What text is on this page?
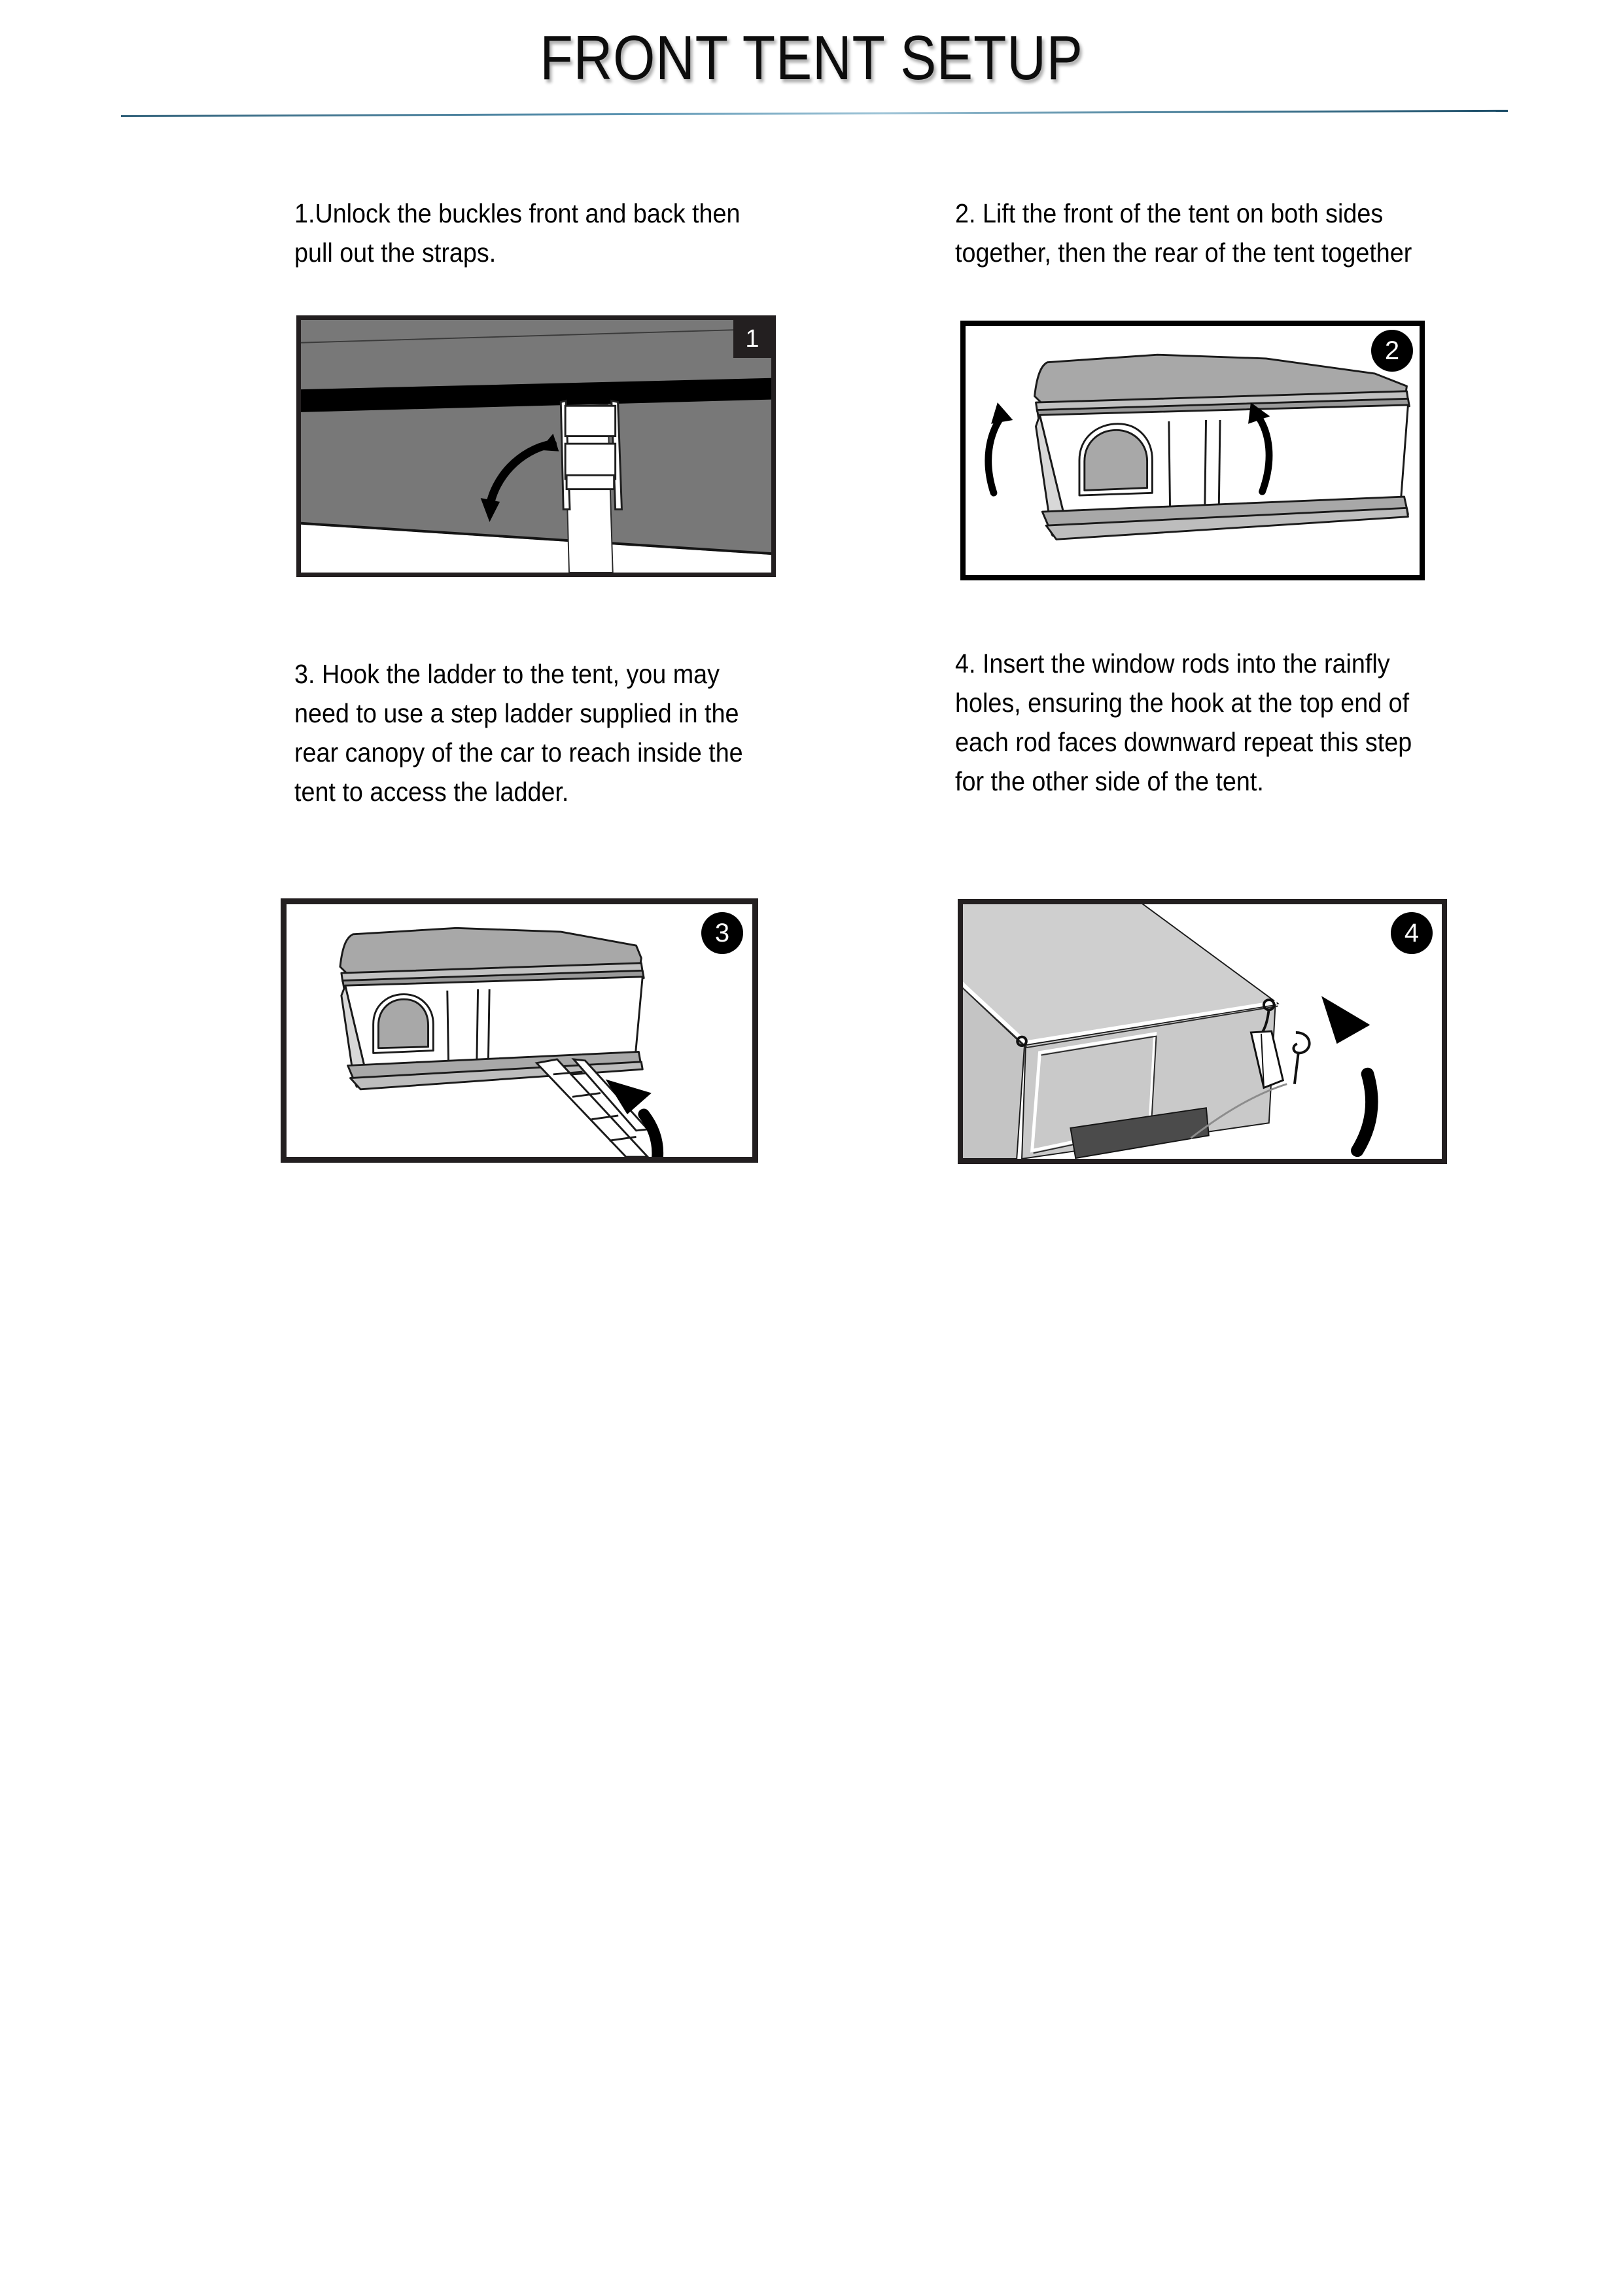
FRONT TENT SETUP
1.Unlock the buckles front and back then pull out the straps.
1
2. Lift the front of the tent on both sides together, then the rear of the tent together
2
3. Hook the ladder to the tent, you may need to use a step ladder supplied in the rear canopy of the car to reach inside the tent to access the ladder.
3
4. Insert the window rods into the rainfly holes, ensuring the hook at the top end of each rod faces downward repeat this step for the other side of the tent.
4
